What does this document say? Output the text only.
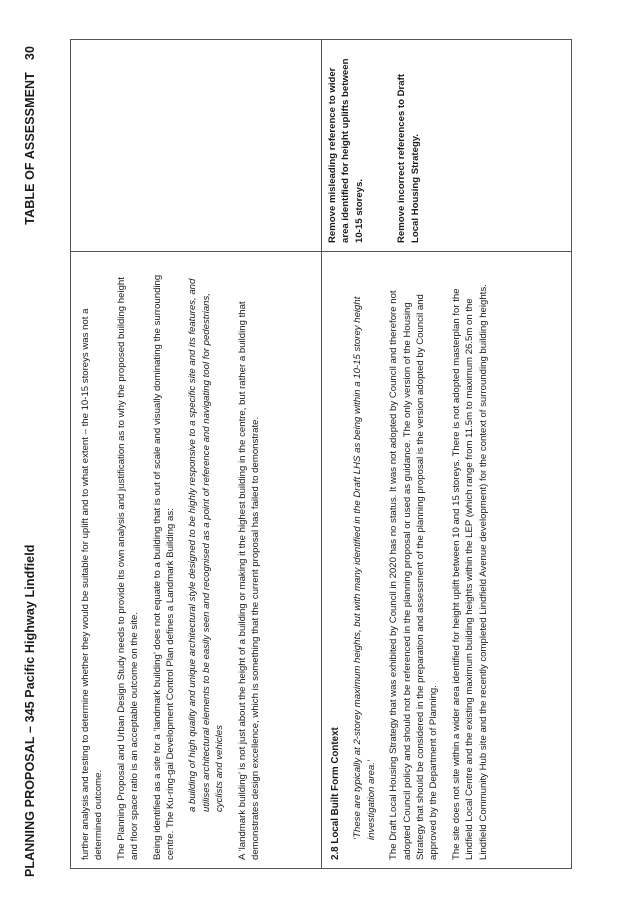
PLANNING PROPOSAL – 345 Pacific Highway Lindfield
TABLE OF ASSESSMENT
30

further analysis and testing to determine whether they would be suitable for uplift and to what extent – the 10-15 storeys was not a determined outcome. The Planning Proposal and Urban Design Study needs to provide its own analysis and justification as to why the proposed building height and floor space ratio is an acceptable outcome on the site. Being identified as a site for a ‘landmark building’ does not equate to a building that is out of scale and visually dominating the surrounding centre. The Ku-ring-gai Development Control Plan defines a Landmark Building as: a building of high quality and unique architectural style designed to be highly responsive to a specific site and its features, and utilises architectural elements to be easily seen and recognised as a point of reference and navigating tool for pedestrians, cyclists and vehicles A ‘landmark building’ is not just about the height of a building or making it the highest building in the centre, but rather a building that demonstrates design excellence, which is something that the current proposal has failed to demonstrate.	2.8 Local Built Form Context ‘These are typically at 2-storey maximum heights, but with many identified in the Draft LHS as being within a 10-15 storey height investigation area.’ The Draft Local Housing Strategy that was exhibited by Council in 2020 has no status. It was not adopted by Council and therefore not adopted Council policy and should not be referenced in the planning proposal or used as guidance. The only version of the Housing Strategy that should be considered in the preparation and assessment of the planning proposal is the version adopted by Council and approved by the Department of Planning. The site does not site within a wider area identified for height uplift between 10 and 15 storeys. There is not adopted masterplan for the Lindfield Local Centre and the existing maximum building heights within the LEP (which range from 11.5m to maximum 26.5m on the Lindfield Community Hub site and the recently completed Lindfield Avenue development) for the context of surrounding building heights.

Remove misleading reference to wider area identified for height uplifts between 10-15 storeys.	Remove incorrect references to Draft Local Housing Strategy.
